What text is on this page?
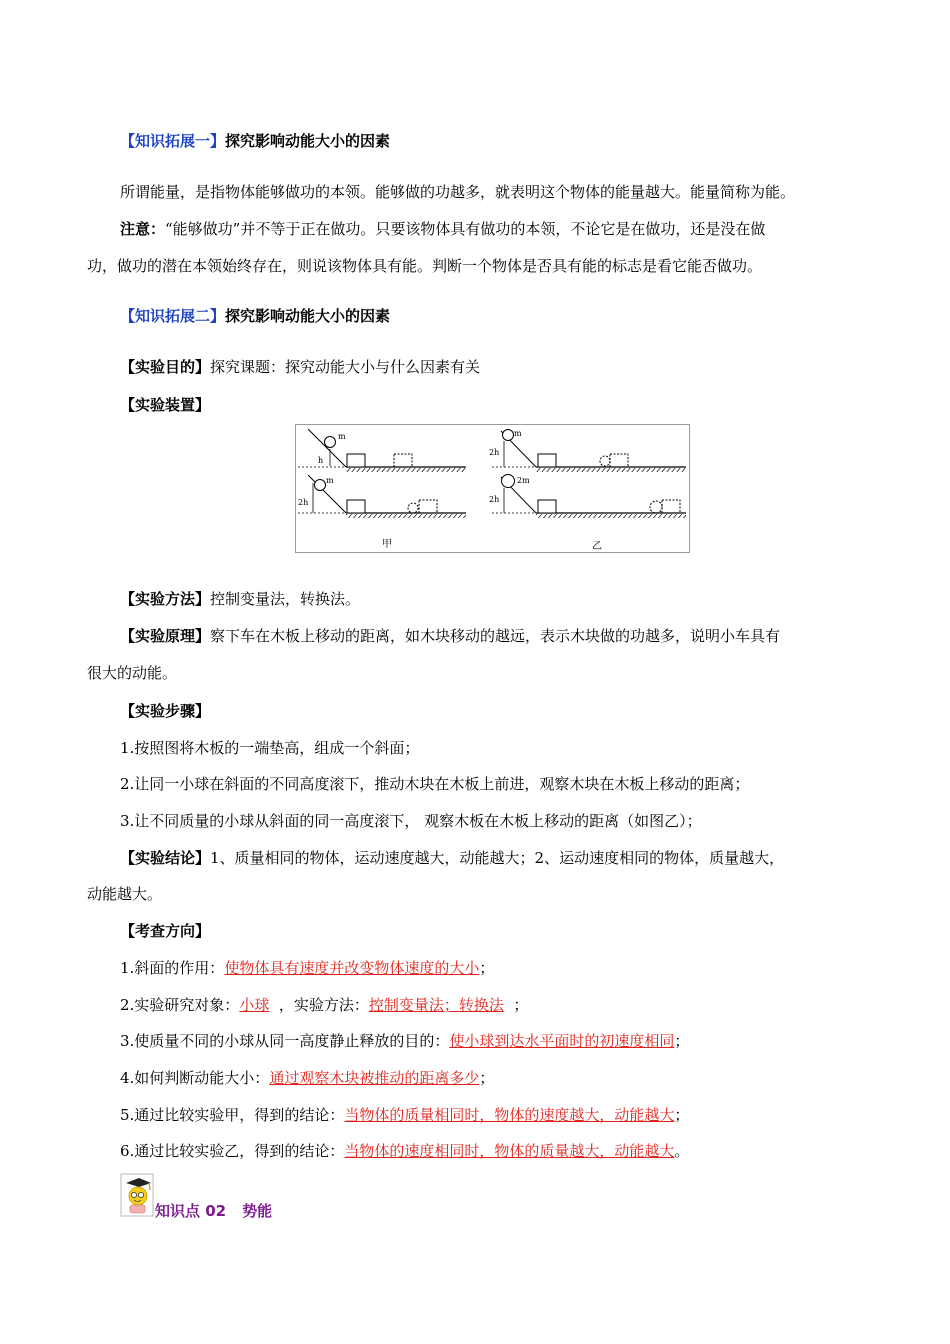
【知识拓展一】探究影响动能大小的因素
所谓能量，是指物体能够做功的本领。能够做的功越多，就表明这个物体的能量越大。能量简称为能。
注意：“能够做功”并不等于正在做功。只要该物体具有做功的本领，不论它是在做功，还是没在做
功，做功的潜在本领始终存在，则说该物体具有能。判断一个物体是否具有能的标志是看它能否做功。
【知识拓展二】探究影响动能大小的因素
【实验目的】探究课题：探究动能大小与什么因素有关
【实验装置】
m
h
m
2h
m
2h
2m
2h
甲	乙
【实验方法】控制变量法，转换法。
【实验原理】察下车在木板上移动的距离，如木块移动的越远，表示木块做的功越多，说明小车具有
很大的动能。
【实验步骤】
1.按照图将木板的一端垫高，组成一个斜面；
2.让同一小球在斜面的不同高度滚下，推动木块在木板上前进，观察木块在木板上移动的距离；
3.让不同质量的小球从斜面的同一高度滚下， 观察木板在木板上移动的距离（如图乙）；
【实验结论】1、质量相同的物体，运动速度越大，动能越大；2、运动速度相同的物体，质量越大，
动能越大。
【考查方向】
1.斜面的作用：使物体具有速度并改变物体速度的大小；
2.实验研究对象：小球  ，实验方法：控制变量法；转换法  ；
3.使质量不同的小球从同一高度静止释放的目的：使小球到达水平面时的初速度相同；
4.如何判断动能大小：通过观察木块被推动的距离多少；
5.通过比较实验甲，得到的结论：当物体的质量相同时，物体的速度越大，动能越大；
6.通过比较实验乙，得到的结论：当物体的速度相同时，物体的质量越大，动能越大。
知识点 02 势能
